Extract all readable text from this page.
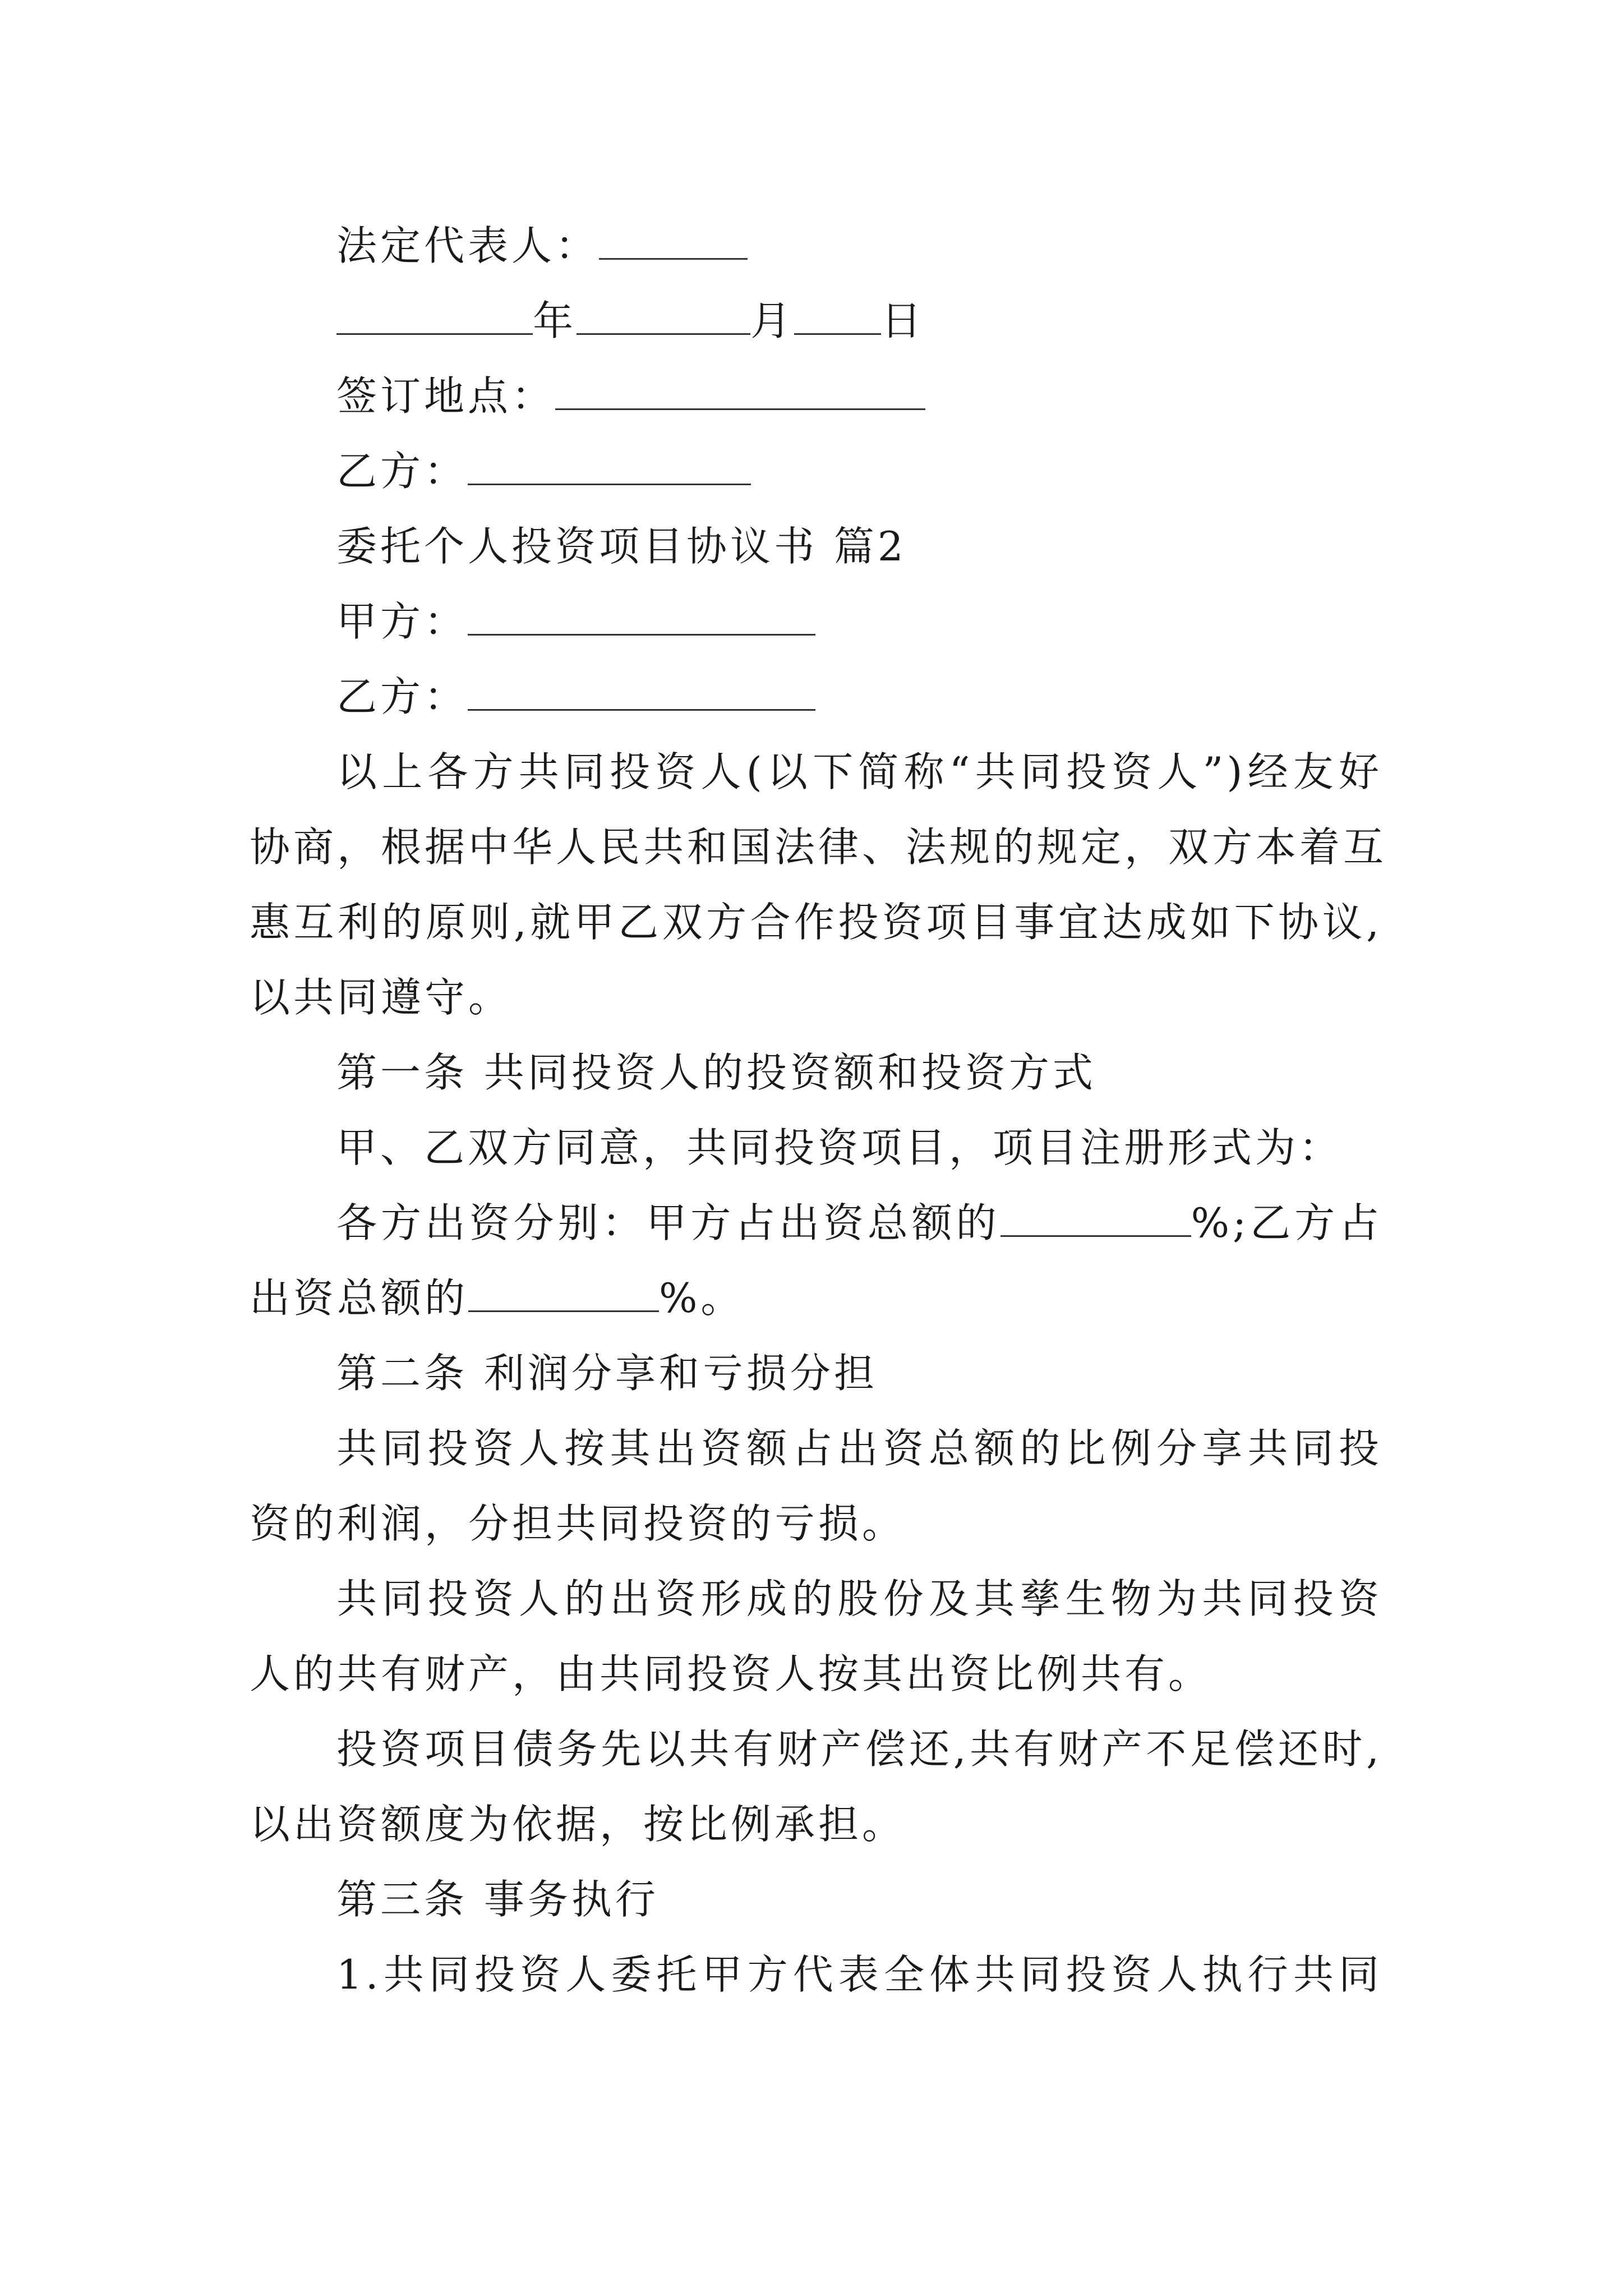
法定代表人：
年	月 日
签订地点：
乙方：
委托个人投资项目协议书 篇2
甲方：
乙方：
以上各方共同投资人(以下简称“共同投资人”)经友好
协商，根据中华人民共和国法律、法规的规定，双方本着互
惠互利的原则,就甲乙双方合作投资项目事宜达成如下协议,
以共同遵守。
第一条 共同投资人的投资额和投资方式
甲、乙双方同意，共同投资项目，项目注册形式为：
各方出资分别：甲方占出资总额的	%;乙方占
出资总额的	%。
第二条 利润分享和亏损分担
共同投资人按其出资额占出资总额的比例分享共同投
资的利润，分担共同投资的亏损。
共同投资人的出资形成的股份及其孳生物为共同投资
人的共有财产，由共同投资人按其出资比例共有。
投资项目债务先以共有财产偿还,共有财产不足偿还时,
以出资额度为依据，按比例承担。
第三条 事务执行
1.共同投资人委托甲方代表全体共同投资人执行共同
